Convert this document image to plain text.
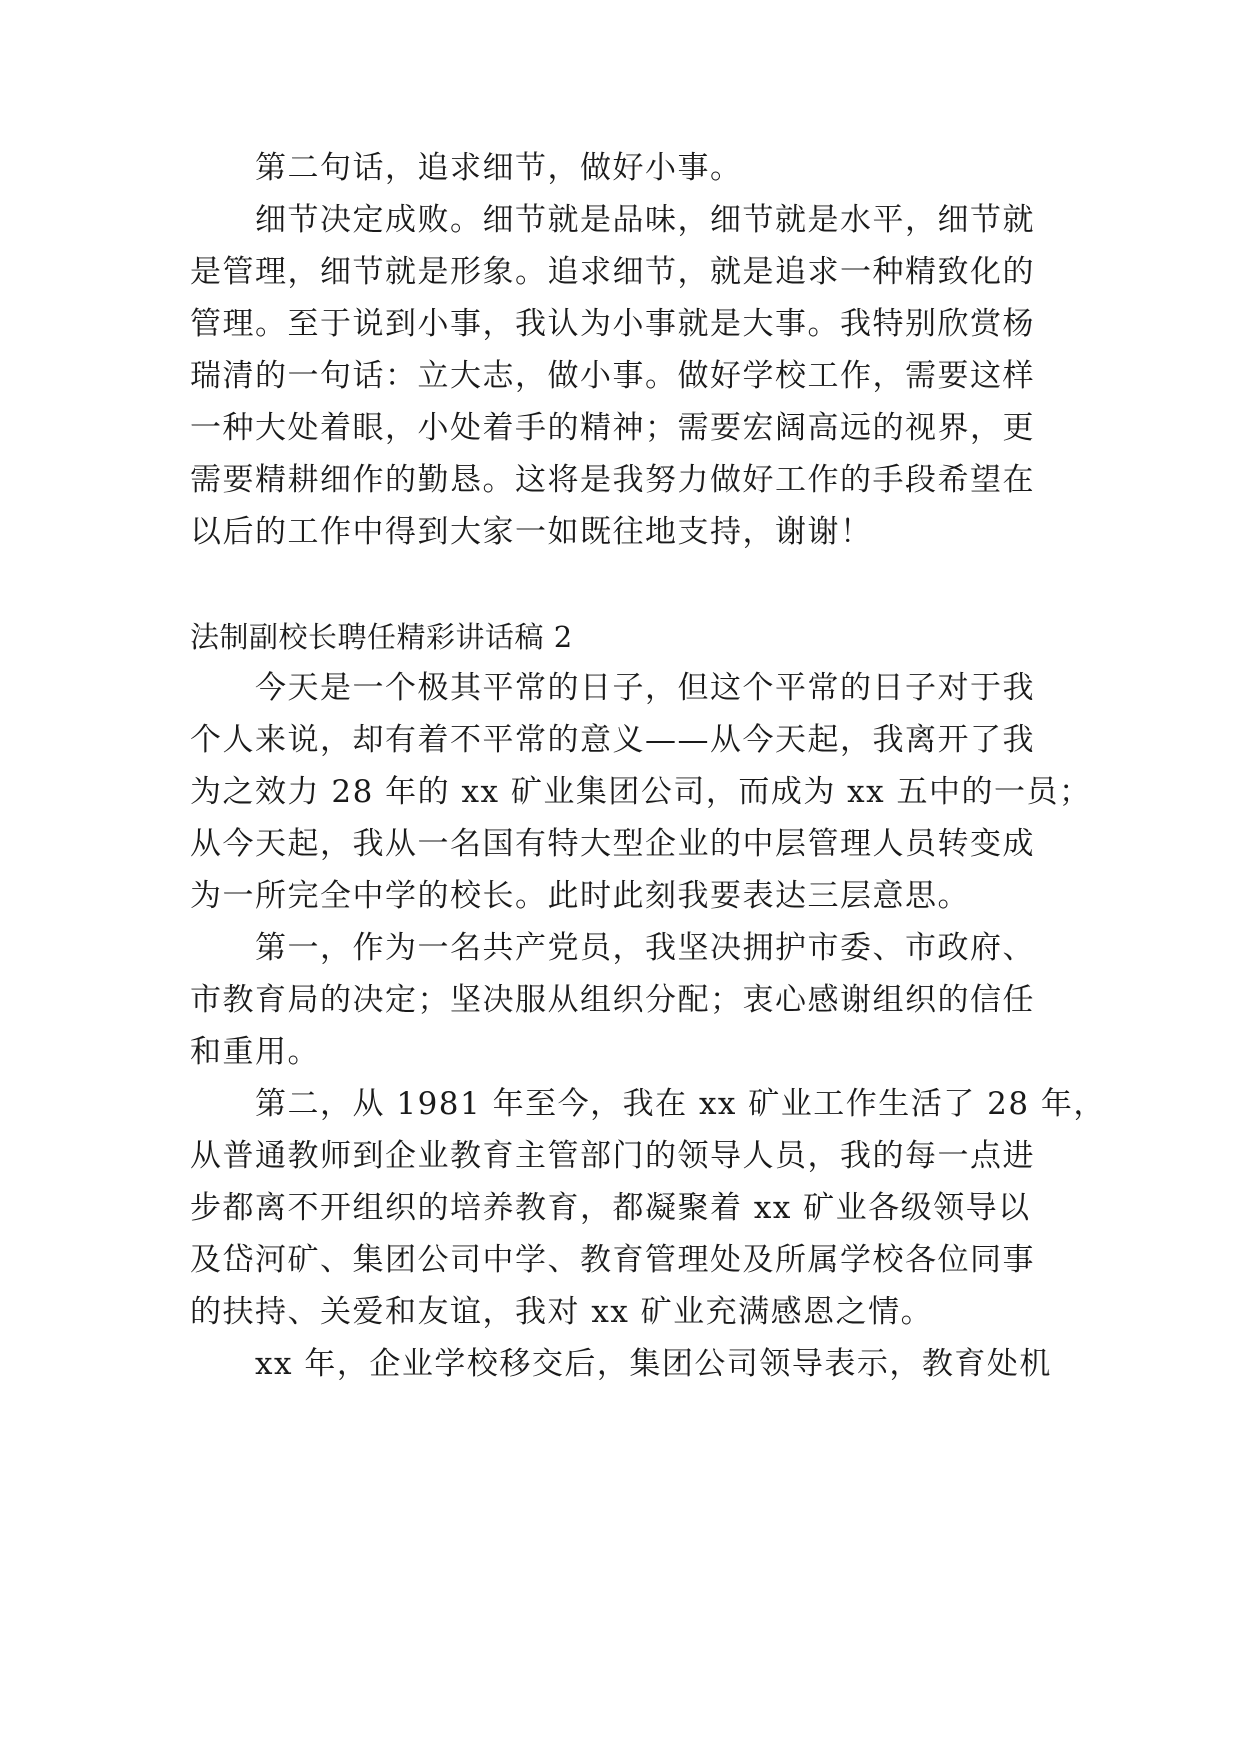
第二句话，追求细节，做好小事。
细节决定成败。细节就是品味，细节就是水平，细节就
是管理，细节就是形象。追求细节，就是追求一种精致化的
管理。至于说到小事，我认为小事就是大事。我特别欣赏杨
瑞清的一句话：立大志，做小事。做好学校工作，需要这样
一种大处着眼，小处着手的精神；需要宏阔高远的视界，更
需要精耕细作的勤恳。这将是我努力做好工作的手段希望在
以后的工作中得到大家一如既往地支持，谢谢！
法制副校长聘任精彩讲话稿 2
今天是一个极其平常的日子，但这个平常的日子对于我
个人来说，却有着不平常的意义——从今天起，我离开了我
为之效力 28 年的 xx 矿业集团公司，而成为 xx 五中的一员；
从今天起，我从一名国有特大型企业的中层管理人员转变成
为一所完全中学的校长。此时此刻我要表达三层意思。
第一，作为一名共产党员，我坚决拥护市委、市政府、
市教育局的决定；坚决服从组织分配；衷心感谢组织的信任
和重用。
第二，从 1981 年至今，我在 xx 矿业工作生活了 28 年，
从普通教师到企业教育主管部门的领导人员，我的每一点进
步都离不开组织的培养教育，都凝聚着 xx 矿业各级领导以
及岱河矿、集团公司中学、教育管理处及所属学校各位同事
的扶持、关爱和友谊，我对 xx 矿业充满感恩之情。
xx 年，企业学校移交后，集团公司领导表示，教育处机
